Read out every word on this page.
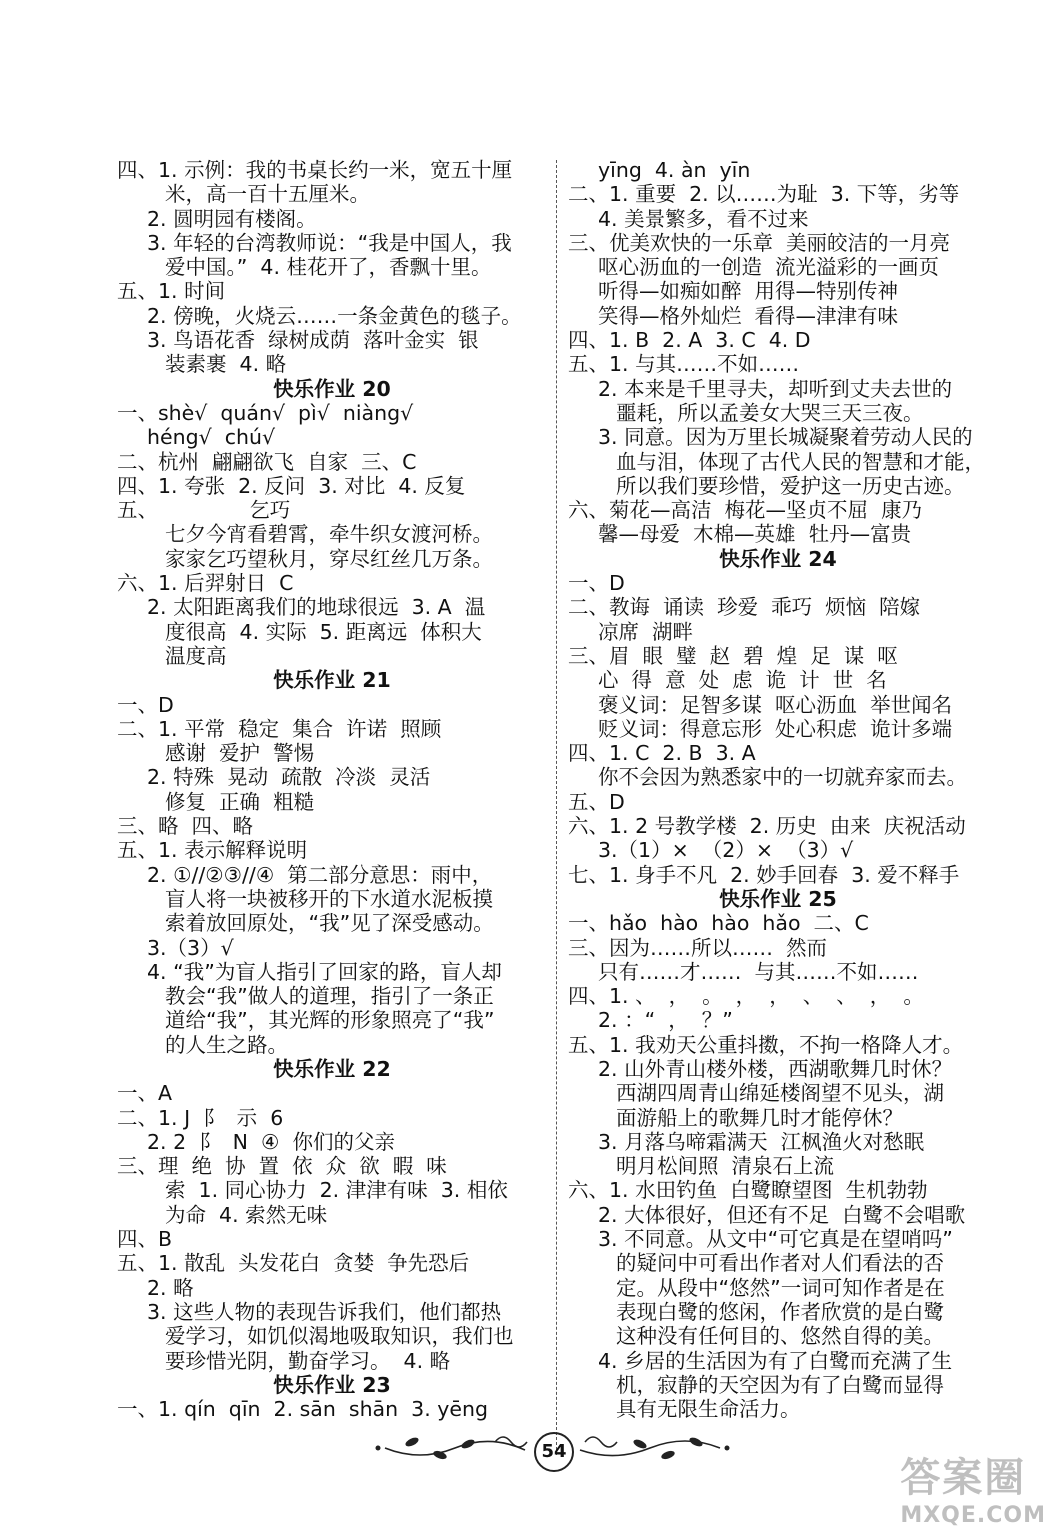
四、1. 示例：我的书桌长约一米，宽五十厘
米，高一百十五厘米。
2. 圆明园有楼阁。
3. 年轻的台湾教师说：“我是中国人，我
爱中国。”  4. 桂花开了，香飘十里。
五、1. 时间
2. 傍晚，火烧云……一条金黄色的毯子。
3. 鸟语花香  绿树成荫  落叶金实  银
装素裹  4. 略
快乐作业 20
一、shè√  quán√  pì√  niàng√
héng√  chú√
二、杭州  翩翩欲飞  自家  三、C
四、1. 夸张  2. 反问  3. 对比  4. 反复
五、              乞巧
七夕今宵看碧霄，牵牛织女渡河桥。
家家乞巧望秋月，穿尽红丝几万条。
六、1. 后羿射日  C
2. 太阳距离我们的地球很远  3. A  温
度很高  4. 实际  5. 距离远  体积大
温度高
快乐作业 21
一、D
二、1. 平常  稳定  集合  许诺  照顾
感谢  爱护  警惕
2. 特殊  晃动  疏散  冷淡  灵活
修复  正确  粗糙
三、略  四、略
五、1. 表示解释说明
2. ①//②③//④  第二部分意思：雨中，
盲人将一块被移开的下水道水泥板摸
索着放回原处，“我”见了深受感动。
3.（3）√
4. “我”为盲人指引了回家的路，盲人却
教会“我”做人的道理，指引了一条正
道给“我”，其光辉的形象照亮了“我”
的人生之路。
快乐作业 22
一、A
二、1. J  阝  示  6
2. 2  阝  N  ④  你们的父亲
三、理  绝  协  置  依  众  欲  暇  味
索  1. 同心协力  2. 津津有味  3. 相依
为命  4. 索然无味
四、B
五、1. 散乱  头发花白  贪婪  争先恐后
2. 略
3. 这些人物的表现告诉我们，他们都热
爱学习，如饥似渴地吸取知识，我们也
要珍惜光阴，勤奋学习。  4. 略
快乐作业 23
一、1. qín  qīn  2. sān  shān  3. yēng
yīng  4. àn  yīn
二、1. 重要  2. 以……为耻  3. 下等，劣等
4. 美景繁多，看不过来
三、优美欢快的一乐章  美丽皎洁的一月亮
呕心沥血的一创造  流光溢彩的一画页
听得—如痴如醉  用得—特别传神
笑得—格外灿烂  看得—津津有味
四、1. B  2. A  3. C  4. D
五、1. 与其……不如……
2. 本来是千里寻夫，却听到丈夫去世的
噩耗，所以孟姜女大哭三天三夜。
3. 同意。因为万里长城凝聚着劳动人民的
血与泪，体现了古代人民的智慧和才能，
所以我们要珍惜，爱护这一历史古迹。
六、菊花—高洁  梅花—坚贞不屈  康乃
馨—母爱  木棉—英雄  牡丹—富贵
快乐作业 24
一、D
二、教诲  诵读  珍爱  乖巧  烦恼  陪嫁
凉席  湖畔
三、眉  眼  璧  赵  碧  煌  足  谋  呕
心  得  意  处  虑  诡  计  世  名
褒义词：足智多谋  呕心沥血  举世闻名
贬义词：得意忘形  处心积虑  诡计多端
四、1. C  2. B  3. A
你不会因为熟悉家中的一切就弃家而去。
五、D
六、1. 2 号教学楼  2. 历史  由来  庆祝活动
3.（1）×  （2）×  （3）√
七、1. 身手不凡  2. 妙手回春  3. 爱不释手
快乐作业 25
一、hǎo  hào  hào  hǎo  二、C
三、因为……所以……  然而
只有……才……  与其……不如……
四、1. 、  ，  。  ，  ，  、  、  ，  。
2. ：“  ，  ？”
五、1. 我劝天公重抖擞，不拘一格降人才。
2. 山外青山楼外楼，西湖歌舞几时休？
西湖四周青山绵延楼阁望不见头，湖
面游船上的歌舞几时才能停休？
3. 月落乌啼霜满天  江枫渔火对愁眠
明月松间照  清泉石上流
六、1. 水田钓鱼  白鹭瞭望图  生机勃勃
2. 大体很好，但还有不足  白鹭不会唱歌
3. 不同意。从文中“可它真是在望哨吗”
的疑问中可看出作者对人们看法的否
定。从段中“悠然”一词可知作者是在
表现白鹭的悠闲，作者欣赏的是白鹭
这种没有任何目的、悠然自得的美。
4. 乡居的生活因为有了白鹭而充满了生
机，寂静的天空因为有了白鹭而显得
具有无限生命活力。
54
答案圈
MXQE.COM
